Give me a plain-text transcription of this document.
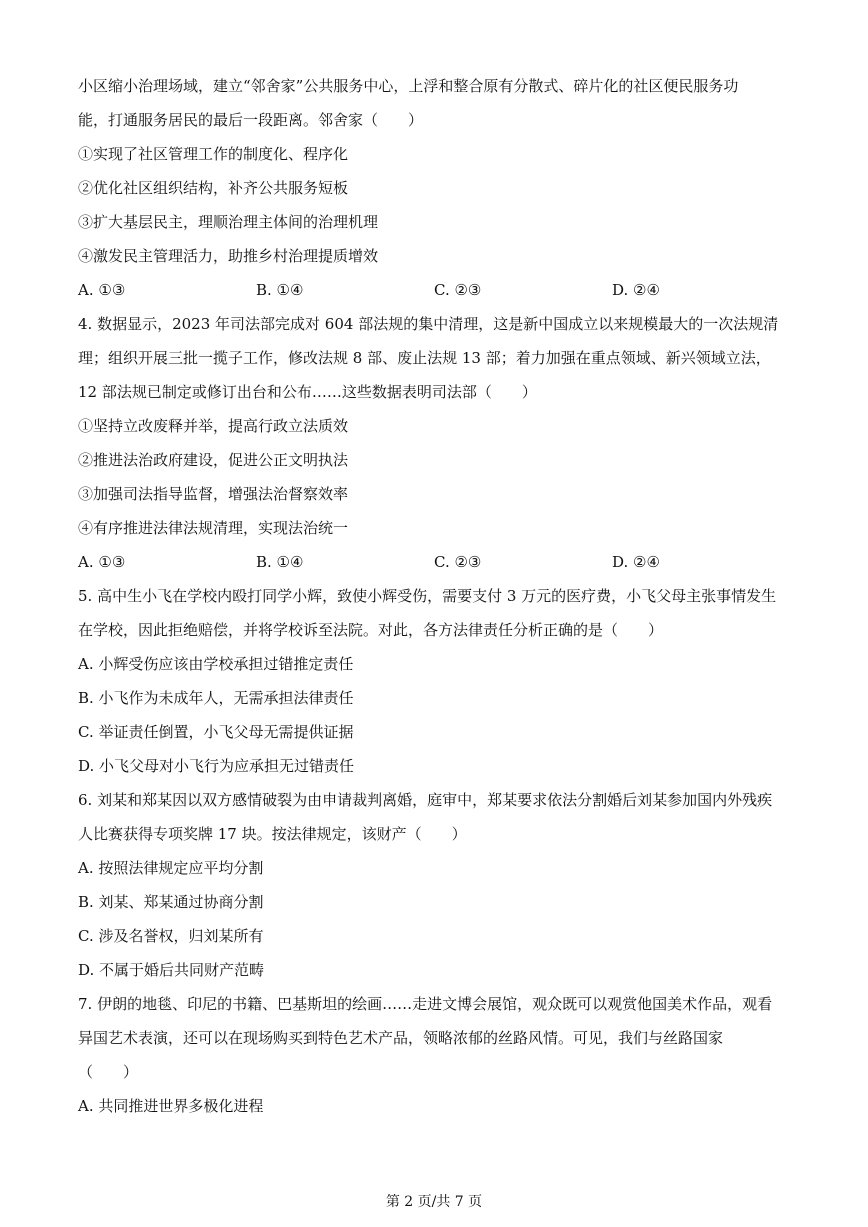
小区缩小治理场域，建立“邻舍家”公共服务中心，上浮和整合原有分散式、碎片化的社区便民服务功
能，打通服务居民的最后一段距离。邻舍家（　　）
①实现了社区管理工作的制度化、程序化
②优化社区组织结构，补齐公共服务短板
③扩大基层民主，理顺治理主体间的治理机理
④激发民主管理活力，助推乡村治理提质增效
A. ①③	B. ①④	C. ②③	D. ②④
4. 数据显示，2023 年司法部完成对 604 部法规的集中清理，这是新中国成立以来规模最大的一次法规清
理；组织开展三批一揽子工作，修改法规 8 部、废止法规 13 部；着力加强在重点领域、新兴领域立法，
12 部法规已制定或修订出台和公布……这些数据表明司法部（　　）
①坚持立改废释并举，提高行政立法质效
②推进法治政府建设，促进公正文明执法
③加强司法指导监督，增强法治督察效率
④有序推进法律法规清理，实现法治统一
A. ①③	B. ①④	C. ②③	D. ②④
5. 高中生小飞在学校内殴打同学小辉，致使小辉受伤，需要支付 3 万元的医疗费，小飞父母主张事情发生
在学校，因此拒绝赔偿，并将学校诉至法院。对此，各方法律责任分析正确的是（　　）
A. 小辉受伤应该由学校承担过错推定责任
B. 小飞作为未成年人，无需承担法律责任
C. 举证责任倒置，小飞父母无需提供证据
D. 小飞父母对小飞行为应承担无过错责任
6. 刘某和郑某因以双方感情破裂为由申请裁判离婚，庭审中，郑某要求依法分割婚后刘某参加国内外残疾
人比赛获得专项奖牌 17 块。按法律规定，该财产（　　）
A. 按照法律规定应平均分割
B. 刘某、郑某通过协商分割
C. 涉及名誉权，归刘某所有
D. 不属于婚后共同财产范畴
7. 伊朗的地毯、印尼的书籍、巴基斯坦的绘画……走进文博会展馆，观众既可以观赏他国美术作品，观看
异国艺术表演，还可以在现场购买到特色艺术产品，领略浓郁的丝路风情。可见，我们与丝路国家
（　　）
A. 共同推进世界多极化进程
第 2 页/共 7 页
